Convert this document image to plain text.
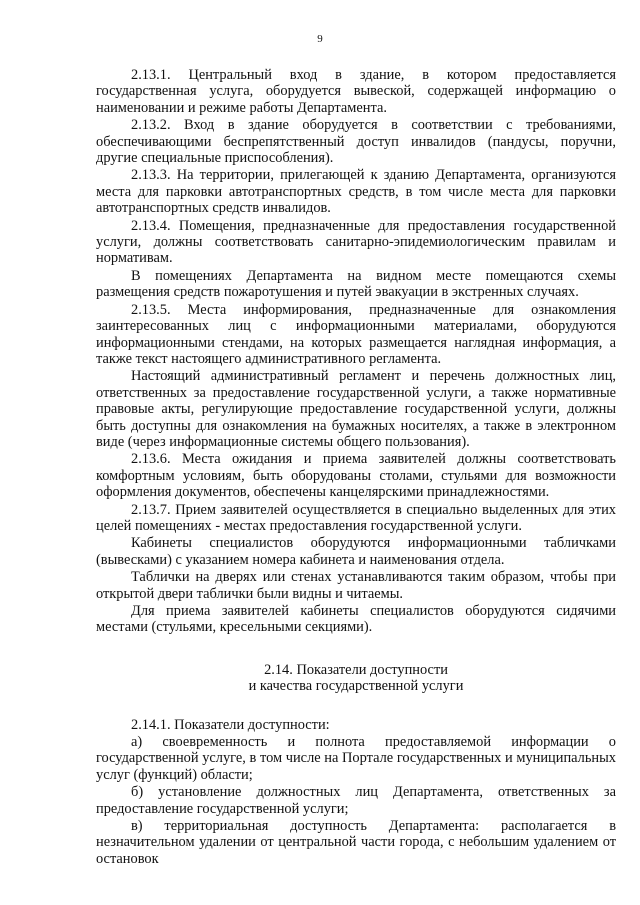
9

2.13.1. Центральный вход в здание, в котором предоставляется государственная услуга, оборудуется вывеской, содержащей информацию о наименовании и режиме работы Департамента.

2.13.2. Вход в здание оборудуется в соответствии с требованиями, обеспечивающими беспрепятственный доступ инвалидов (пандусы, поручни, другие специальные приспособления).

2.13.3. На территории, прилегающей к зданию Департамента, организуются места для парковки автотранспортных средств, в том числе места для парковки автотранспортных средств инвалидов.

2.13.4. Помещения, предназначенные для предоставления государственной услуги, должны соответствовать санитарно-эпидемиологическим правилам и нормативам.

В помещениях Департамента на видном месте помещаются схемы размещения средств пожаротушения и путей эвакуации в экстренных случаях.

2.13.5. Места информирования, предназначенные для ознакомления заинтересованных лиц с информационными материалами, оборудуются информационными стендами, на которых размещается наглядная информация, а также текст настоящего административного регламента.

Настоящий административный регламент и перечень должностных лиц, ответственных за предоставление государственной услуги, а также нормативные правовые акты, регулирующие предоставление государственной услуги, должны быть доступны для ознакомления на бумажных носителях, а также в электронном виде (через информационные системы общего пользования).

2.13.6. Места ожидания и приема заявителей должны соответствовать комфортным условиям, быть оборудованы столами, стульями для возможности оформления документов, обеспечены канцелярскими принадлежностями.

2.13.7. Прием заявителей осуществляется в специально выделенных для этих целей помещениях - местах предоставления государственной услуги.

Кабинеты специалистов оборудуются информационными табличками (вывесками) с указанием номера кабинета и наименования отдела.

Таблички на дверях или стенах устанавливаются таким образом, чтобы при открытой двери таблички были видны и читаемы.

Для приема заявителей кабинеты специалистов оборудуются сидячими местами (стульями, кресельными секциями).

2.14. Показатели доступности
и качества государственной услуги

2.14.1. Показатели доступности:

а) своевременность и полнота предоставляемой информации о государственной услуге, в том числе на Портале государственных и муниципальных услуг (функций) области;

б) установление должностных лиц Департамента, ответственных за предоставление государственной услуги;

в) территориальная доступность Департамента: располагается в незначительном удалении от центральной части города, с небольшим удалением от остановок
